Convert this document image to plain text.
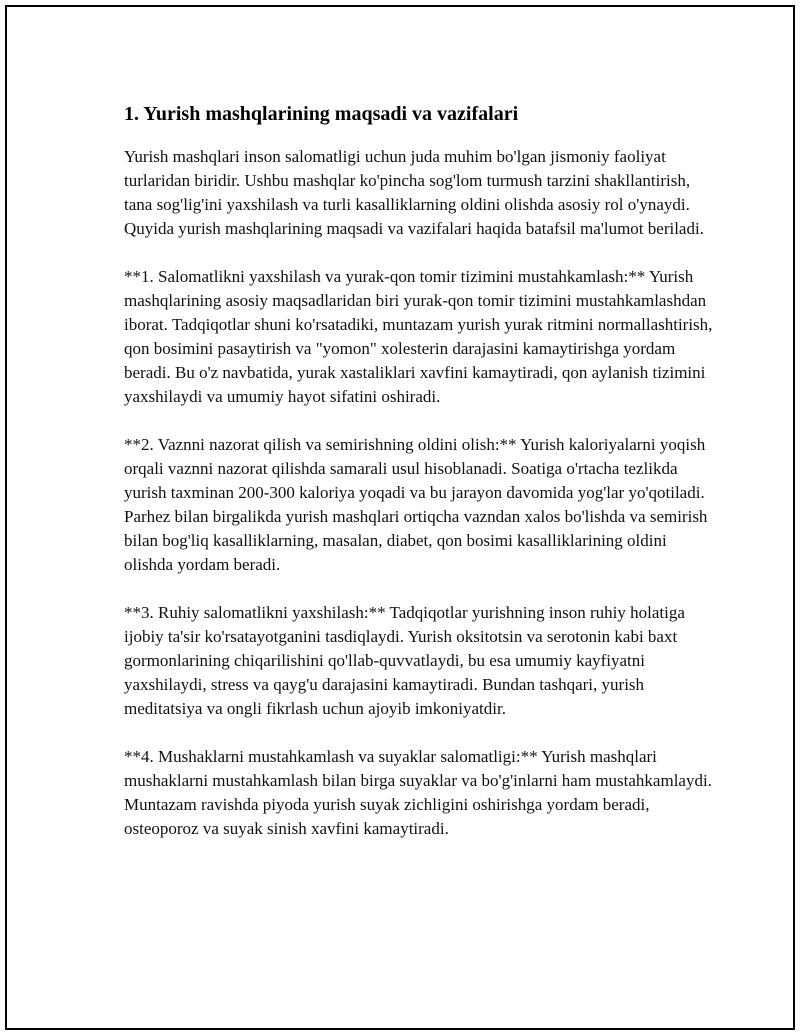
1. Yurish mashqlarining maqsadi va vazifalari

Yurish mashqlari inson salomatligi uchun juda muhim bo'lgan jismoniy faoliyat turlaridan biridir. Ushbu mashqlar ko'pincha sog'lom turmush tarzini shakllantirish, tana sog'lig'ini yaxshilash va turli kasalliklarning oldini olishda asosiy rol o'ynaydi. Quyida yurish mashqlarining maqsadi va vazifalari haqida batafsil ma'lumot beriladi.

**1. Salomatlikni yaxshilash va yurak-qon tomir tizimini mustahkamlash:** Yurish mashqlarining asosiy maqsadlaridan biri yurak-qon tomir tizimini mustahkamlashdan iborat. Tadqiqotlar shuni ko'rsatadiki, muntazam yurish yurak ritmini normallashtirish, qon bosimini pasaytirish va "yomon" xolesterin darajasini kamaytirishga yordam beradi. Bu o'z navbatida, yurak xastaliklari xavfini kamaytiradi, qon aylanish tizimini yaxshilaydi va umumiy hayot sifatini oshiradi.

**2. Vaznni nazorat qilish va semirishning oldini olish:** Yurish kaloriyalarni yoqish orqali vaznni nazorat qilishda samarali usul hisoblanadi. Soatiga o'rtacha tezlikda yurish taxminan 200-300 kaloriya yoqadi va bu jarayon davomida yog'lar yo'qotiladi. Parhez bilan birgalikda yurish mashqlari ortiqcha vazndan xalos bo'lishda va semirish bilan bog'liq kasalliklarning, masalan, diabet, qon bosimi kasalliklarining oldini olishda yordam beradi.

**3. Ruhiy salomatlikni yaxshilash:** Tadqiqotlar yurishning inson ruhiy holatiga ijobiy ta'sir ko'rsatayotganini tasdiqlaydi. Yurish oksitotsin va serotonin kabi baxt gormonlarining chiqarilishini qo'llab-quvvatlaydi, bu esa umumiy kayfiyatni yaxshilaydi, stress va qayg'u darajasini kamaytiradi. Bundan tashqari, yurish meditatsiya va ongli fikrlash uchun ajoyib imkoniyatdir.

**4. Mushaklarni mustahkamlash va suyaklar salomatligi:** Yurish mashqlari mushaklarni mustahkamlash bilan birga suyaklar va bo'g'inlarni ham mustahkamlaydi. Muntazam ravishda piyoda yurish suyak zichligini oshirishga yordam beradi, osteoporoz va suyak sinish xavfini kamaytiradi.
